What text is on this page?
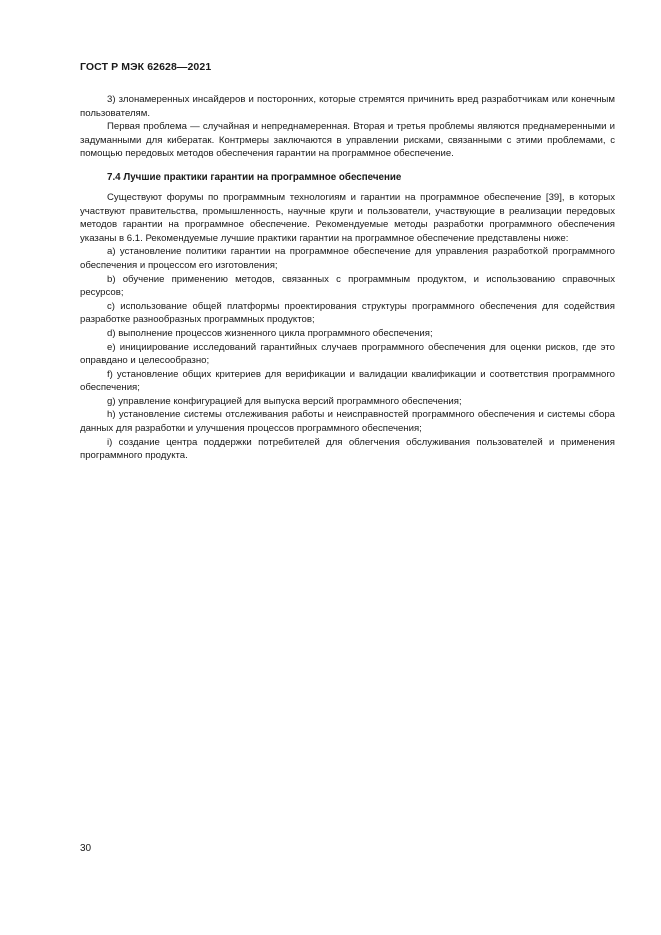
ГОСТ Р МЭК 62628—2021

3) злонамеренных инсайдеров и посторонних, которые стремятся причинить вред разработчикам или конечным пользователям.

Первая проблема — случайная и непреднамеренная. Вторая и третья проблемы являются преднамеренными и задуманными для кибератак. Контрмеры заключаются в управлении рисками, связанными с этими проблемами, с помощью передовых методов обеспечения гарантии на программное обеспечение.

7.4 Лучшие практики гарантии на программное обеспечение

Существуют форумы по программным технологиям и гарантии на программное обеспечение [39], в которых участвуют правительства, промышленность, научные круги и пользователи, участвующие в реализации передовых методов гарантии на программное обеспечение. Рекомендуемые методы разработки программного обеспечения указаны в 6.1. Рекомендуемые лучшие практики гарантии на программное обеспечение представлены ниже:

a) установление политики гарантии на программное обеспечение для управления разработкой программного обеспечения и процессом его изготовления;

b) обучение применению методов, связанных с программным продуктом, и использованию справочных ресурсов;

c) использование общей платформы проектирования структуры программного обеспечения для содействия разработке разнообразных программных продуктов;

d) выполнение процессов жизненного цикла программного обеспечения;

e) инициирование исследований гарантийных случаев программного обеспечения для оценки рисков, где это оправдано и целесообразно;

f) установление общих критериев для верификации и валидации квалификации и соответствия программного обеспечения;

g) управление конфигурацией для выпуска версий программного обеспечения;

h) установление системы отслеживания работы и неисправностей программного обеспечения и системы сбора данных для разработки и улучшения процессов программного обеспечения;

i) создание центра поддержки потребителей для облегчения обслуживания пользователей и применения программного продукта.

30
